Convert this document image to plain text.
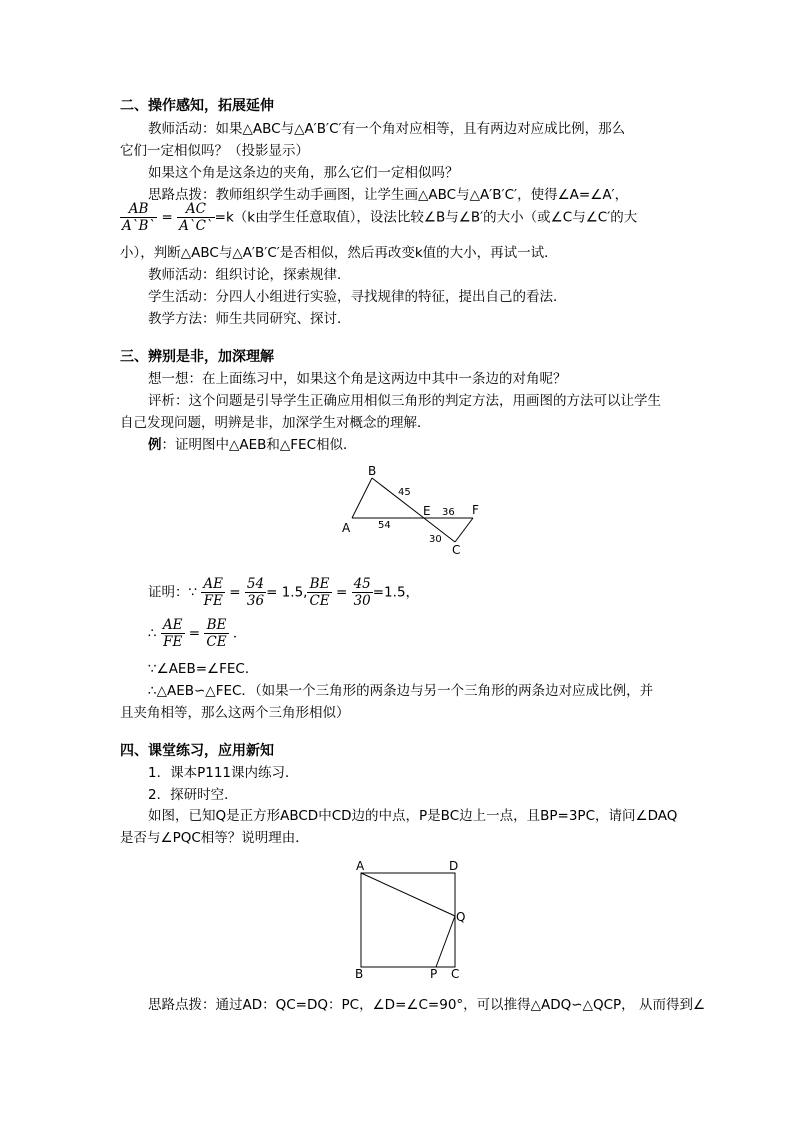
二、操作感知，拓展延伸
教师活动：如果△ABC与△A′B′C′有一个角对应相等，且有两边对应成比例，那么
它们一定相似吗？（投影显示）
如果这个角是这条边的夹角，那么它们一定相似吗？
思路点拨：教师组织学生动手画图，让学生画△ABC与△A′B′C′，使得∠A=∠A′，
$\frac{AB}{A`B`} = \frac{AC}{A`C`} =k(k$由学生任意取值），设法比较∠B与∠B′的大小（或∠C与∠C′的大
小），判断△ABC与△A′B′C′是否相似，然后再改变k值的大小，再试一试．
教师活动：组织讨论，探索规律．
学生活动：分四人小组进行实验，寻找规律的特征，提出自己的看法．
教学方法：师生共同研究、探讨．
三、辨别是非，加深理解
想一想：在上面练习中，如果这个角是这两边中其中一条边的对角呢？
评析：这个问题是引导学生正确应用相似三角形的判定方法，用画图的方法可以让学生
自己发现问题，明辨是非，加深学生对概念的理解．
例：证明图中△AEB和△FEC相似．
B
A
E	F
C
45
54
36
30
证明：∵ $\frac{AE}{FE} = \frac{54}{36} = 1.5$, $\frac{BE}{CE} = \frac{45}{30} =1.5$，
∴ $\frac{AE}{FE} = \frac{BE}{CE}$ ．
∵∠AEB=∠FEC．
∴△AEB∽△FEC．（如果一个三角形的两条边与另一个三角形的两条边对应成比例，并
且夹角相等，那么这两个三角形相似）
四、课堂练习，应用新知
1．课本P111课内练习．
2．探研时空．
如图，已知Q是正方形ABCD中CD边的中点，P是BC边上一点，且BP=3PC，请问∠DAQ
是否与∠PQC相等？说明理由．
A	D
Q
B	P C
思路点拨：通过AD：QC=DQ：PC，∠D=∠C=90°，可以推得△ADQ∽△QCP， 从而得到∠
